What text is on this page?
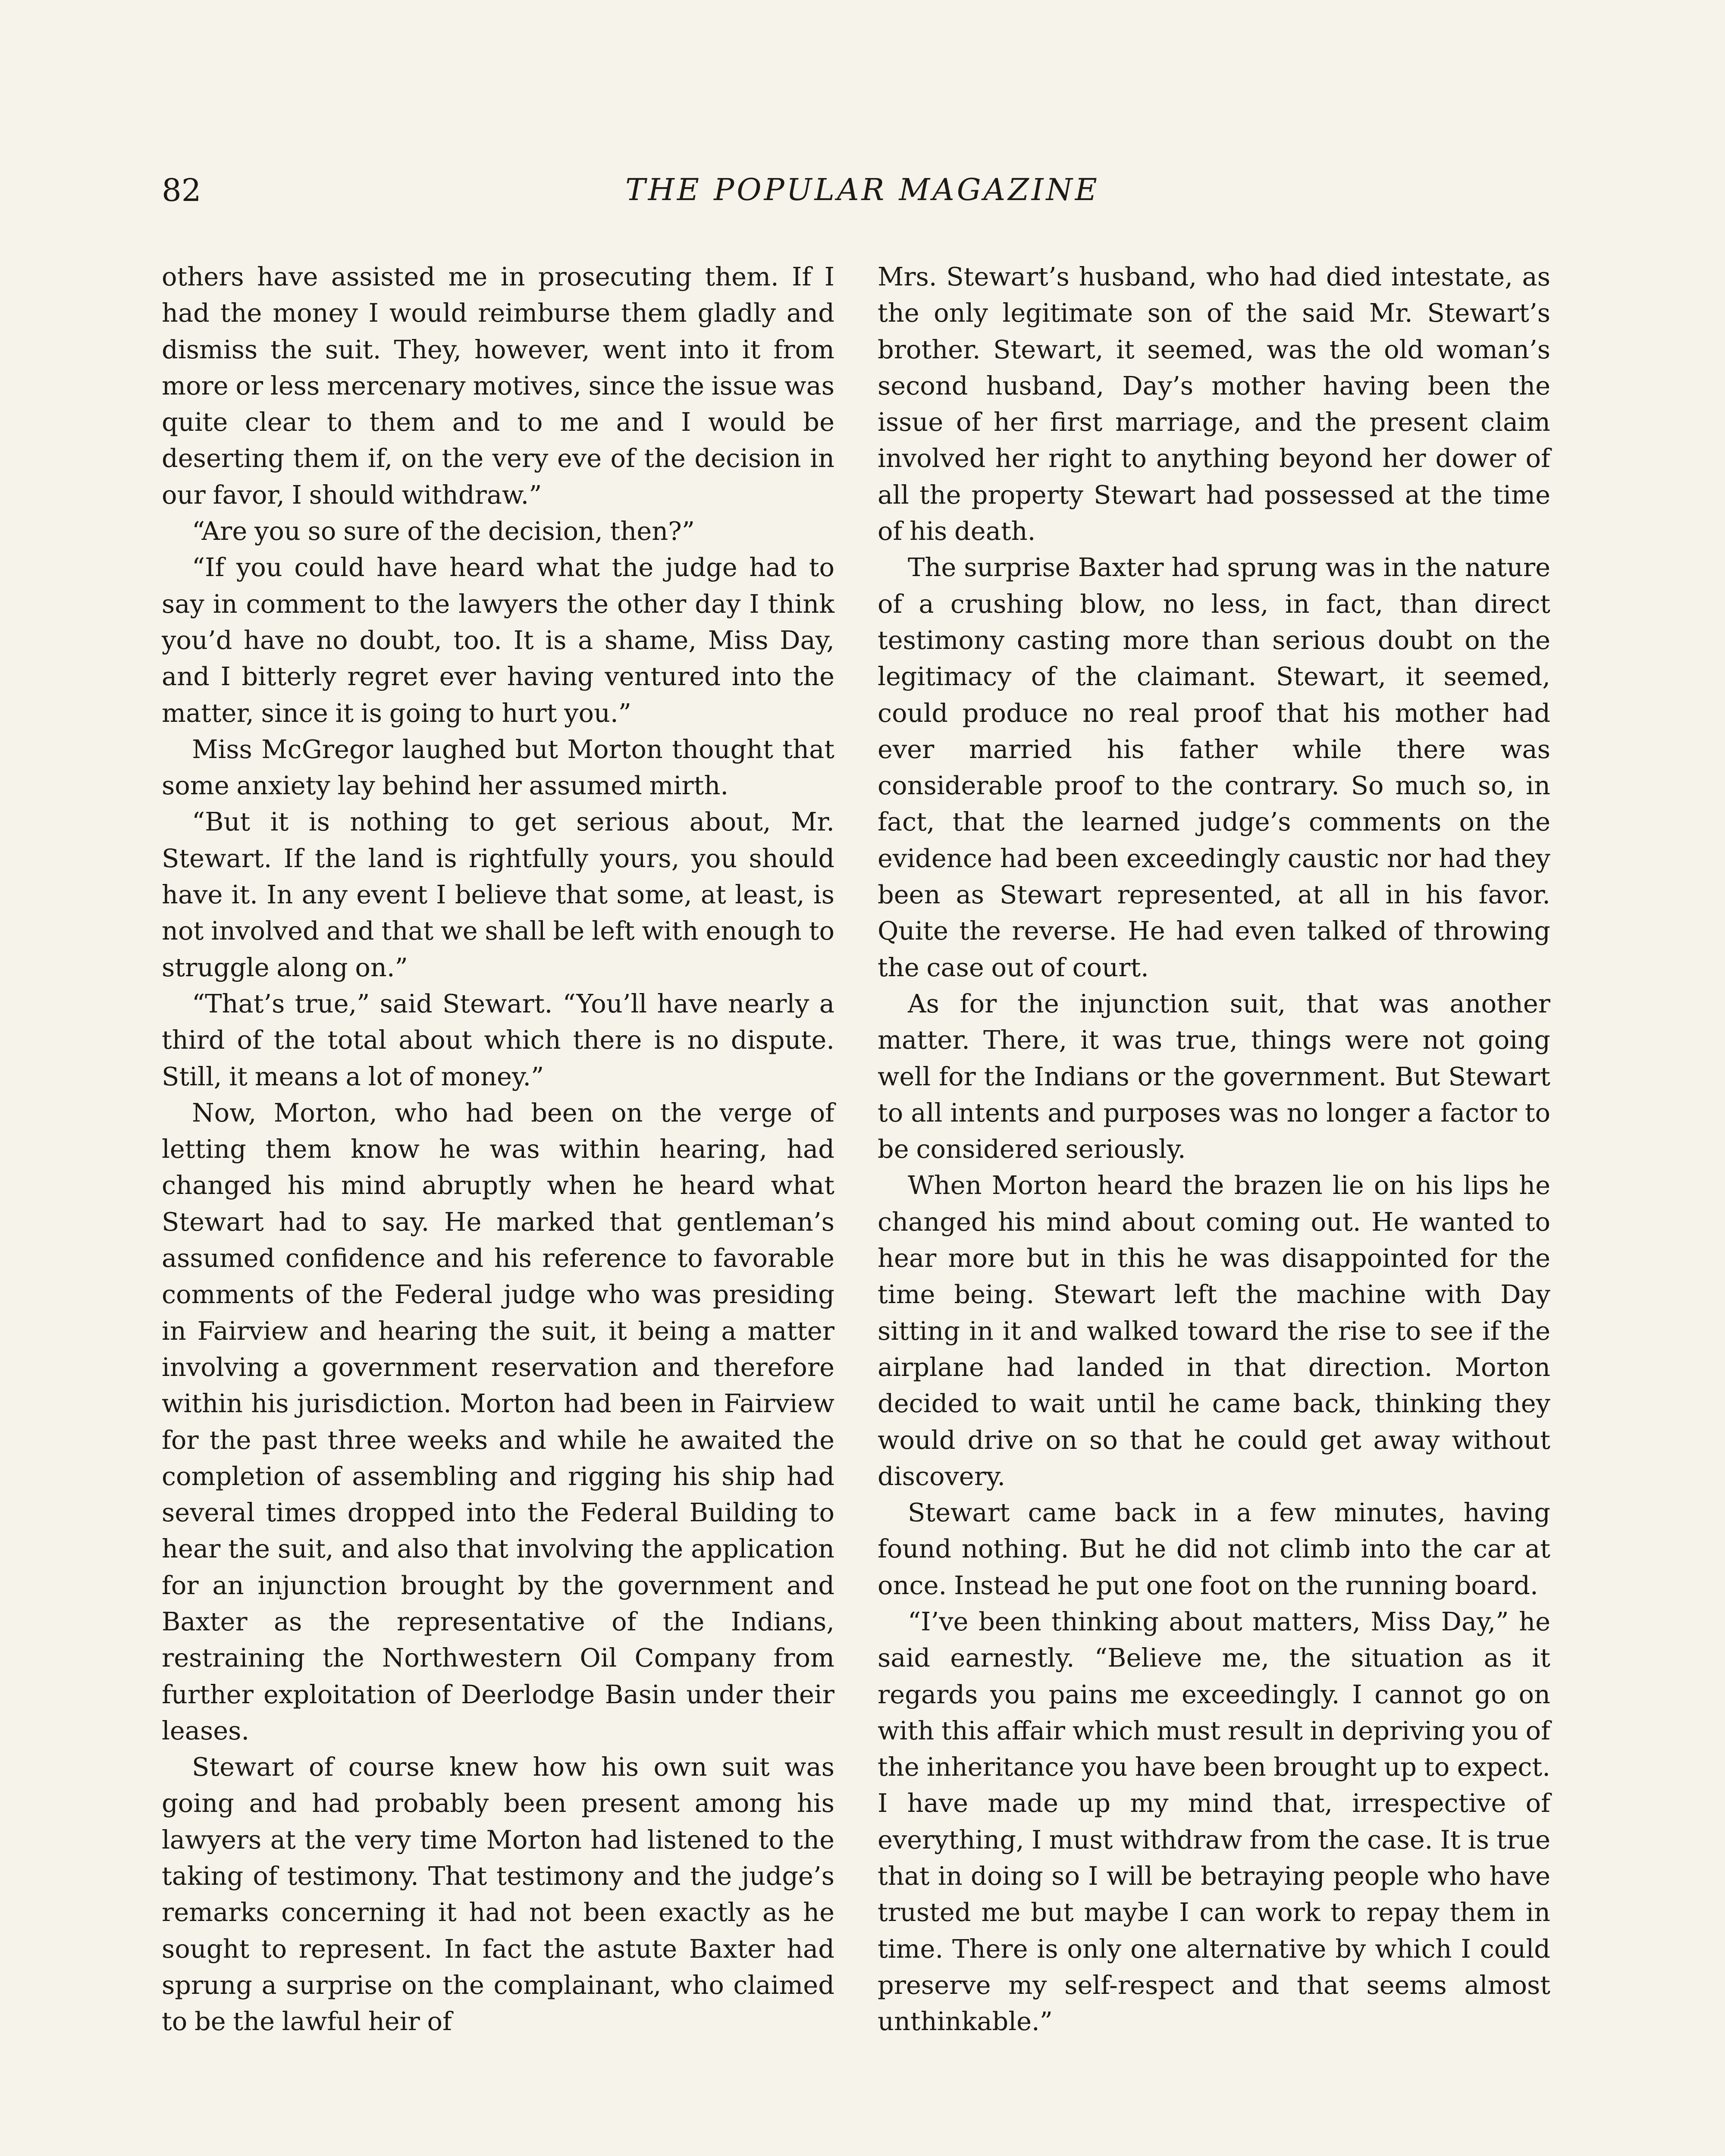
82	THE POPULAR MAGAZINE

others have assisted me in prosecuting them. If I had the money I would reimburse them gladly and dismiss the suit. They, however, went into it from more or less mercenary motives, since the issue was quite clear to them and to me and I would be deserting them if, on the very eve of the decision in our favor, I should withdraw.”

“Are you so sure of the decision, then?”

“If you could have heard what the judge had to say in comment to the lawyers the other day I think you’d have no doubt, too. It is a shame, Miss Day, and I bitterly regret ever having ventured into the matter, since it is going to hurt you.”

Miss McGregor laughed but Morton thought that some anxiety lay behind her assumed mirth.

“But it is nothing to get serious about, Mr. Stewart. If the land is rightfully yours, you should have it. In any event I believe that some, at least, is not involved and that we shall be left with enough to struggle along on.”

“That’s true,” said Stewart. “You’ll have nearly a third of the total about which there is no dispute. Still, it means a lot of money.”

Now, Morton, who had been on the verge of letting them know he was within hearing, had changed his mind abruptly when he heard what Stewart had to say. He marked that gentleman’s assumed confidence and his reference to favorable comments of the Federal judge who was presiding in Fairview and hearing the suit, it being a matter involving a government reservation and therefore within his jurisdiction. Morton had been in Fairview for the past three weeks and while he awaited the completion of assembling and rigging his ship had several times dropped into the Federal Building to hear the suit, and also that involving the application for an injunction brought by the government and Baxter as the representative of the Indians, restraining the Northwestern Oil Company from further exploitation of Deerlodge Basin under their leases.

Stewart of course knew how his own suit was going and had probably been present among his lawyers at the very time Morton had listened to the taking of testimony. That testimony and the judge’s remarks concerning it had not been exactly as he sought to represent. In fact the astute Baxter had sprung a surprise on the complainant, who claimed to be the lawful heir of

Mrs. Stewart’s husband, who had died intestate, as the only legitimate son of the said Mr. Stewart’s brother. Stewart, it seemed, was the old woman’s second husband, Day’s mother having been the issue of her first marriage, and the present claim involved her right to anything beyond her dower of all the property Stewart had possessed at the time of his death.

The surprise Baxter had sprung was in the nature of a crushing blow, no less, in fact, than direct testimony casting more than serious doubt on the legitimacy of the claimant. Stewart, it seemed, could produce no real proof that his mother had ever married his father while there was considerable proof to the contrary. So much so, in fact, that the learned judge’s comments on the evidence had been exceedingly caustic nor had they been as Stewart represented, at all in his favor. Quite the reverse. He had even talked of throwing the case out of court.

As for the injunction suit, that was another matter. There, it was true, things were not going well for the Indians or the government. But Stewart to all intents and purposes was no longer a factor to be considered seriously.

When Morton heard the brazen lie on his lips he changed his mind about coming out. He wanted to hear more but in this he was disappointed for the time being. Stewart left the machine with Day sitting in it and walked toward the rise to see if the airplane had landed in that direction. Morton decided to wait until he came back, thinking they would drive on so that he could get away without discovery.

Stewart came back in a few minutes, having found nothing. But he did not climb into the car at once. Instead he put one foot on the running board.

“I’ve been thinking about matters, Miss Day,” he said earnestly. “Believe me, the situation as it regards you pains me exceedingly. I cannot go on with this affair which must result in depriving you of the inheritance you have been brought up to expect. I have made up my mind that, irrespective of everything, I must withdraw from the case. It is true that in doing so I will be betraying people who have trusted me but maybe I can work to repay them in time. There is only one alternative by which I could preserve my self-respect and that seems almost unthinkable.”
